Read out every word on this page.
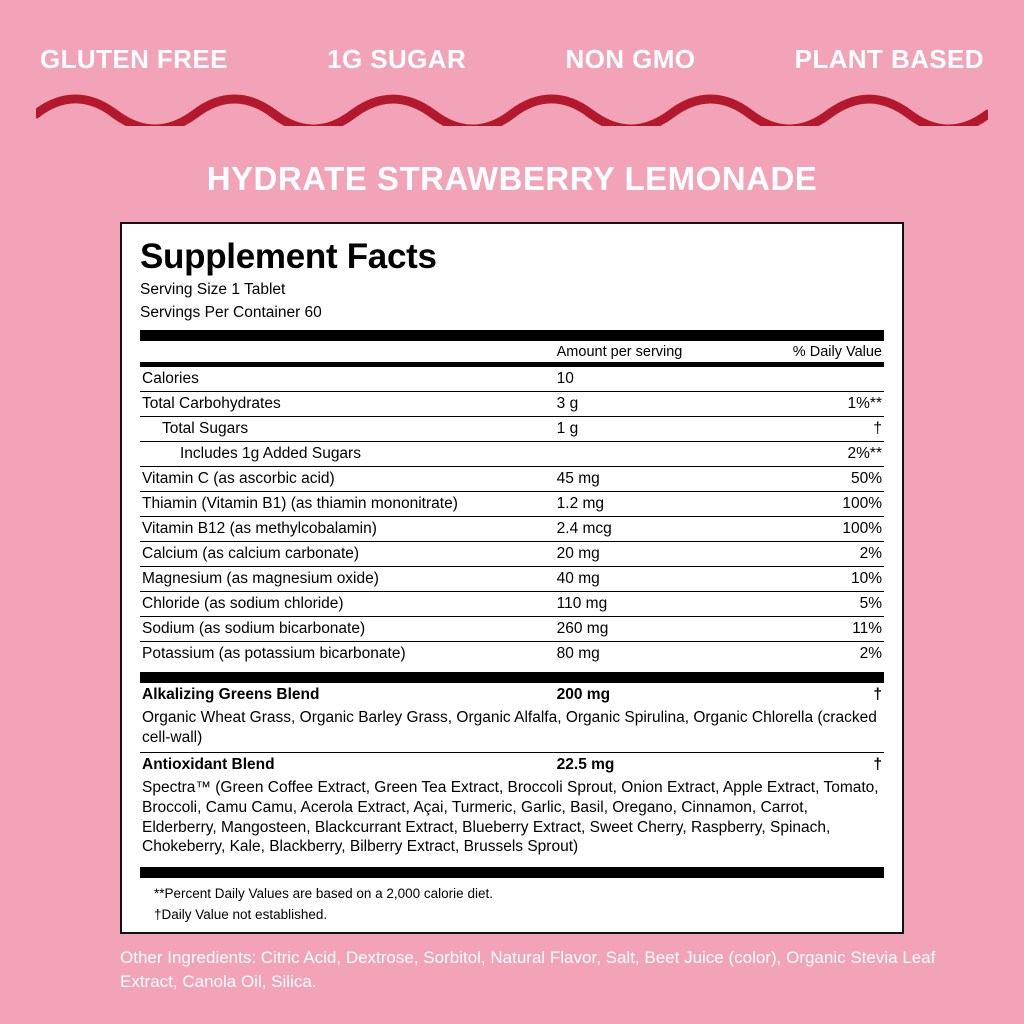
GLUTEN FREE	1G SUGAR	NON GMO	PLANT BASED
HYDRATE STRAWBERRY LEMONADE
Supplement Facts
Serving Size 1 Tablet
Servings Per Container 60
	Amount per serving	% Daily Value
Calories	10	
Total Carbohydrates	3 g	1%**
Total Sugars	1 g	†
Includes 1g Added Sugars		2%**
Vitamin C (as ascorbic acid)	45 mg	50%
Thiamin (Vitamin B1) (as thiamin mononitrate)	1.2 mg	100%
Vitamin B12 (as methylcobalamin)	2.4 mcg	100%
Calcium (as calcium carbonate)	20 mg	2%
Magnesium (as magnesium oxide)	40 mg	10%
Chloride (as sodium chloride)	110 mg	5%
Sodium (as sodium bicarbonate)	260 mg	11%
Potassium (as potassium bicarbonate)	80 mg	2%
Alkalizing Greens Blend	200 mg	†
Organic Wheat Grass, Organic Barley Grass, Organic Alfalfa, Organic Spirulina, Organic Chlorella (cracked cell-wall)
Antioxidant Blend	22.5 mg	†
Spectra™ (Green Coffee Extract, Green Tea Extract, Broccoli Sprout, Onion Extract, Apple Extract, Tomato, Broccoli, Camu Camu, Acerola Extract, Açai, Turmeric, Garlic, Basil, Oregano, Cinnamon, Carrot, Elderberry, Mangosteen, Blackcurrant Extract, Blueberry Extract, Sweet Cherry, Raspberry, Spinach, Chokeberry, Kale, Blackberry, Bilberry Extract, Brussels Sprout)
**Percent Daily Values are based on a 2,000 calorie diet.
†Daily Value not established.
Other Ingredients: Citric Acid, Dextrose, Sorbitol, Natural Flavor, Salt, Beet Juice (color), Organic Stevia Leaf Extract, Canola Oil, Silica.
